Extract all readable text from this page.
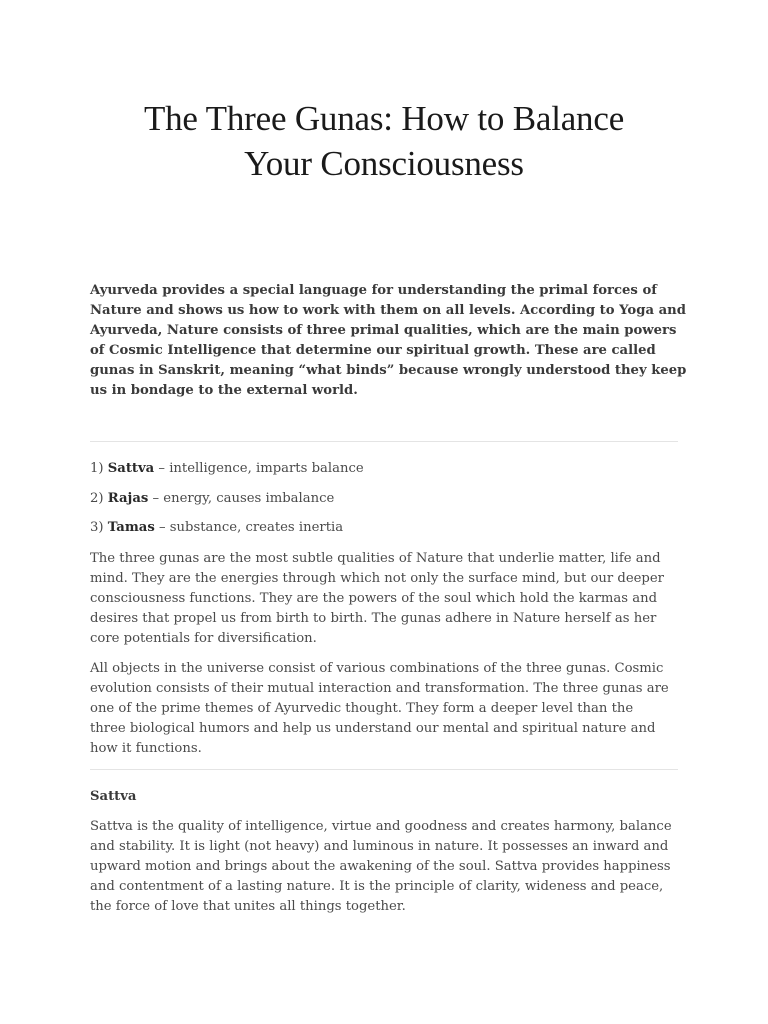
The Three Gunas: How to Balance
Your Consciousness

Ayurveda provides a special language for understanding the primal forces of
Nature and shows us how to work with them on all levels. According to Yoga and
Ayurveda, Nature consists of three primal qualities, which are the main powers
of Cosmic Intelligence that determine our spiritual growth. These are called
gunas in Sanskrit, meaning “what binds” because wrongly understood they keep
us in bondage to the external world.

1) Sattva – intelligence, imparts balance

2) Rajas – energy, causes imbalance

3) Tamas – substance, creates inertia

The three gunas are the most subtle qualities of Nature that underlie matter, life and
mind. They are the energies through which not only the surface mind, but our deeper
consciousness functions. They are the powers of the soul which hold the karmas and
desires that propel us from birth to birth. The gunas adhere in Nature herself as her
core potentials for diversification.

All objects in the universe consist of various combinations of the three gunas. Cosmic
evolution consists of their mutual interaction and transformation. The three gunas are
one of the prime themes of Ayurvedic thought. They form a deeper level than the
three biological humors and help us understand our mental and spiritual nature and
how it functions.

Sattva

Sattva is the quality of intelligence, virtue and goodness and creates harmony, balance
and stability. It is light (not heavy) and luminous in nature. It possesses an inward and
upward motion and brings about the awakening of the soul. Sattva provides happiness
and contentment of a lasting nature. It is the principle of clarity, wideness and peace,
the force of love that unites all things together.
